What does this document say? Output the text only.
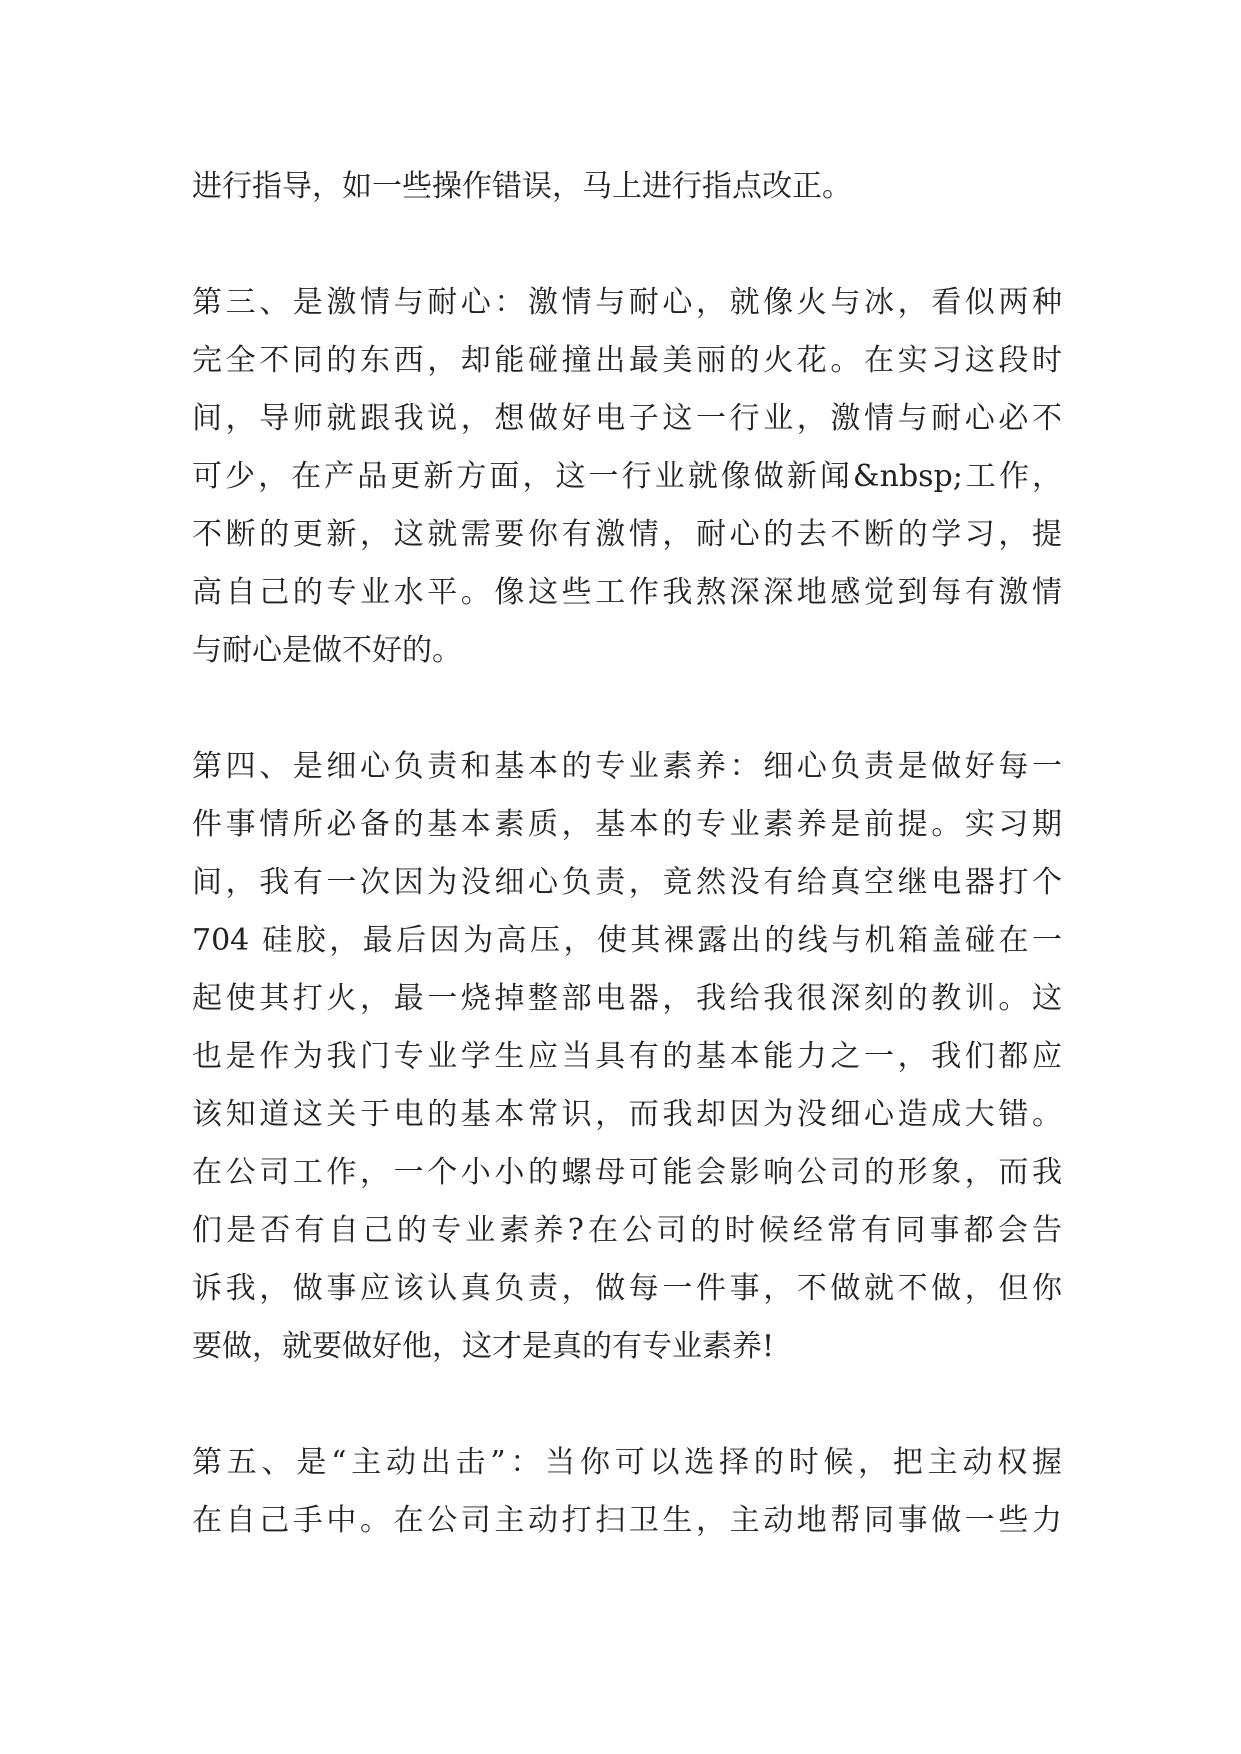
进行指导，如一些操作错误，马上进行指点改正。
第三、是激情与耐心：激情与耐心，就像火与冰，看似两种
完全不同的东西，却能碰撞出最美丽的火花。在实习这段时
间，导师就跟我说，想做好电子这一行业，激情与耐心必不
可少，在产品更新方面，这一行业就像做新闻&nbsp;工作，
不断的更新，这就需要你有激情，耐心的去不断的学习，提
高自己的专业水平。像这些工作我熬深深地感觉到每有激情
与耐心是做不好的。
第四、是细心负责和基本的专业素养：细心负责是做好每一
件事情所必备的基本素质，基本的专业素养是前提。实习期
间，我有一次因为没细心负责，竟然没有给真空继电器打个
704 硅胶，最后因为高压，使其裸露出的线与机箱盖碰在一
起使其打火，最一烧掉整部电器，我给我很深刻的教训。这
也是作为我门专业学生应当具有的基本能力之一，我们都应
该知道这关于电的基本常识，而我却因为没细心造成大错。
在公司工作，一个小小的螺母可能会影响公司的形象，而我
们是否有自己的专业素养?在公司的时候经常有同事都会告
诉我，做事应该认真负责，做每一件事，不做就不做，但你
要做，就要做好他，这才是真的有专业素养!
第五、是“主动出击”：当你可以选择的时候，把主动权握
在自己手中。在公司主动打扫卫生，主动地帮同事做一些力
